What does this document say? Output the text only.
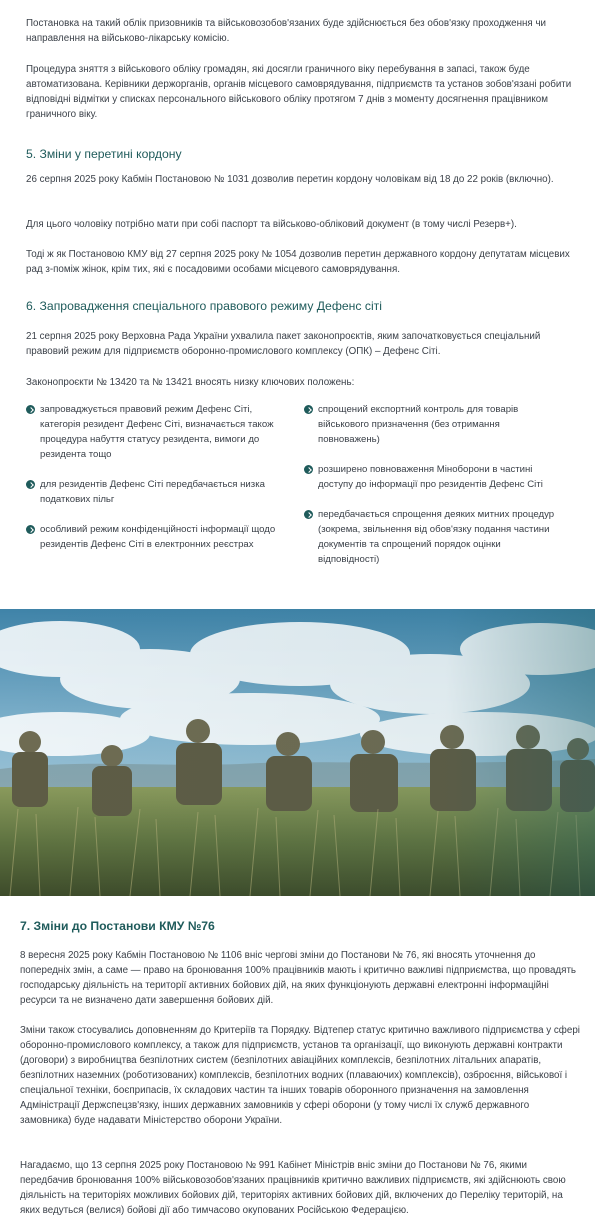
Постановка на такий облік призовників та військовозобов'язаних буде здійснюється без обов'язку проходження чи направлення на військово-лікарську комісію.

Процедура зняття з військового обліку громадян, які досягли граничного віку перебування в запасі, також буде автоматизована. Керівники держорганів, органів місцевого самоврядування, підприємств та установ зобов'язані робити відповідні відмітки у списках персонального військового обліку протягом 7 днів з моменту досягнення працівником граничного віку.

5. Зміни у перетині кордону

26 серпня 2025 року Кабмін Постановою № 1031 дозволив перетин кордону чоловікам від 18 до 22 років (включно).

Для цього чоловіку потрібно мати при собі паспорт та військово-обліковий документ (в тому числі Резерв+).

Тоді ж як Постановою КМУ від 27 серпня 2025 року № 1054 дозволив перетин державного кордону депутатам місцевих рад з-поміж жінок, крім тих, які є посадовими особами місцевого самоврядування.

6. Запровадження спеціального правового режиму Дефенс сіті

21 серпня 2025 року Верховна Рада України ухвалила пакет законопроєктів, яким започатковується спеціальний правовий режим для підприємств оборонно-промислового комплексу (ОПК) – Дефенс Сіті.

Законопроєкти № 13420 та № 13421 вносять низку ключових положень:

запроваджується правовий режим Дефенс Сіті, категорія резидент Дефенс Сіті, визначається також процедура набуття статусу резидента, вимоги до резидента тощо
для резидентів Дефенс Сіті передбачається низка податкових пільг
особливий режим конфіденційності інформації щодо резидентів Дефенс Сіті в електронних реєстрах
спрощений експортний контроль для товарів військового призначення (без отримання повноважень)
розширено повноваження Міноборони в частині доступу до інформації про резидентів Дефенс Сіті
передбачається спрощення деяких митних процедур (зокрема, звільнення від обов'язку подання частини документів та спрощений порядок оцінки відповідності)
7. Зміни до Постанови КМУ №76

8 вересня 2025 року Кабмін Постановою № 1106 вніс чергові зміни до Постанови № 76, які вносять уточнення до попередніх змін, а саме — право на бронювання 100% працівників мають і критично важливі підприємства, що провадять господарську діяльність на території активних бойових дій, на яких функціонують державні електронні інформаційні ресурси та не визначено дати завершення бойових дій.

Зміни також стосувались доповненням до Критеріїв та Порядку. Відтепер статус критично важливого підприємства у сфері оборонно-промислового комплексу, а також для підприємств, установ та організації, що виконують державні контракти (договори) з виробництва безпілотних систем (безпілотних авіаційних комплексів, безпілотних літальних апаратів, безпілотних наземних (роботизованих) комплексів, безпілотних водних (плаваючих) комплексів), озброєння, військової і спеціальної техніки, боєприпасів, їх складових частин та інших товарів оборонного призначення на замовлення Адміністрації Держспецзв'язку, інших державних замовників у сфері оборони (у тому числі їх служб державного замовника) буде надавати Міністерство оборони України.

Нагадаємо, що 13 серпня 2025 року Постановою № 991 Кабінет Міністрів вніс зміни до Постанови № 76, якими передбачив бронювання 100% військовозобов'язаних працівників критично важливих підприємств, які здійснюють свою діяльність на територіях можливих бойових дій, територіях активних бойових дій, включених до Переліку територій, на яких ведуться (велися) бойові дії або тимчасово окупованих Російською Федерацією.
